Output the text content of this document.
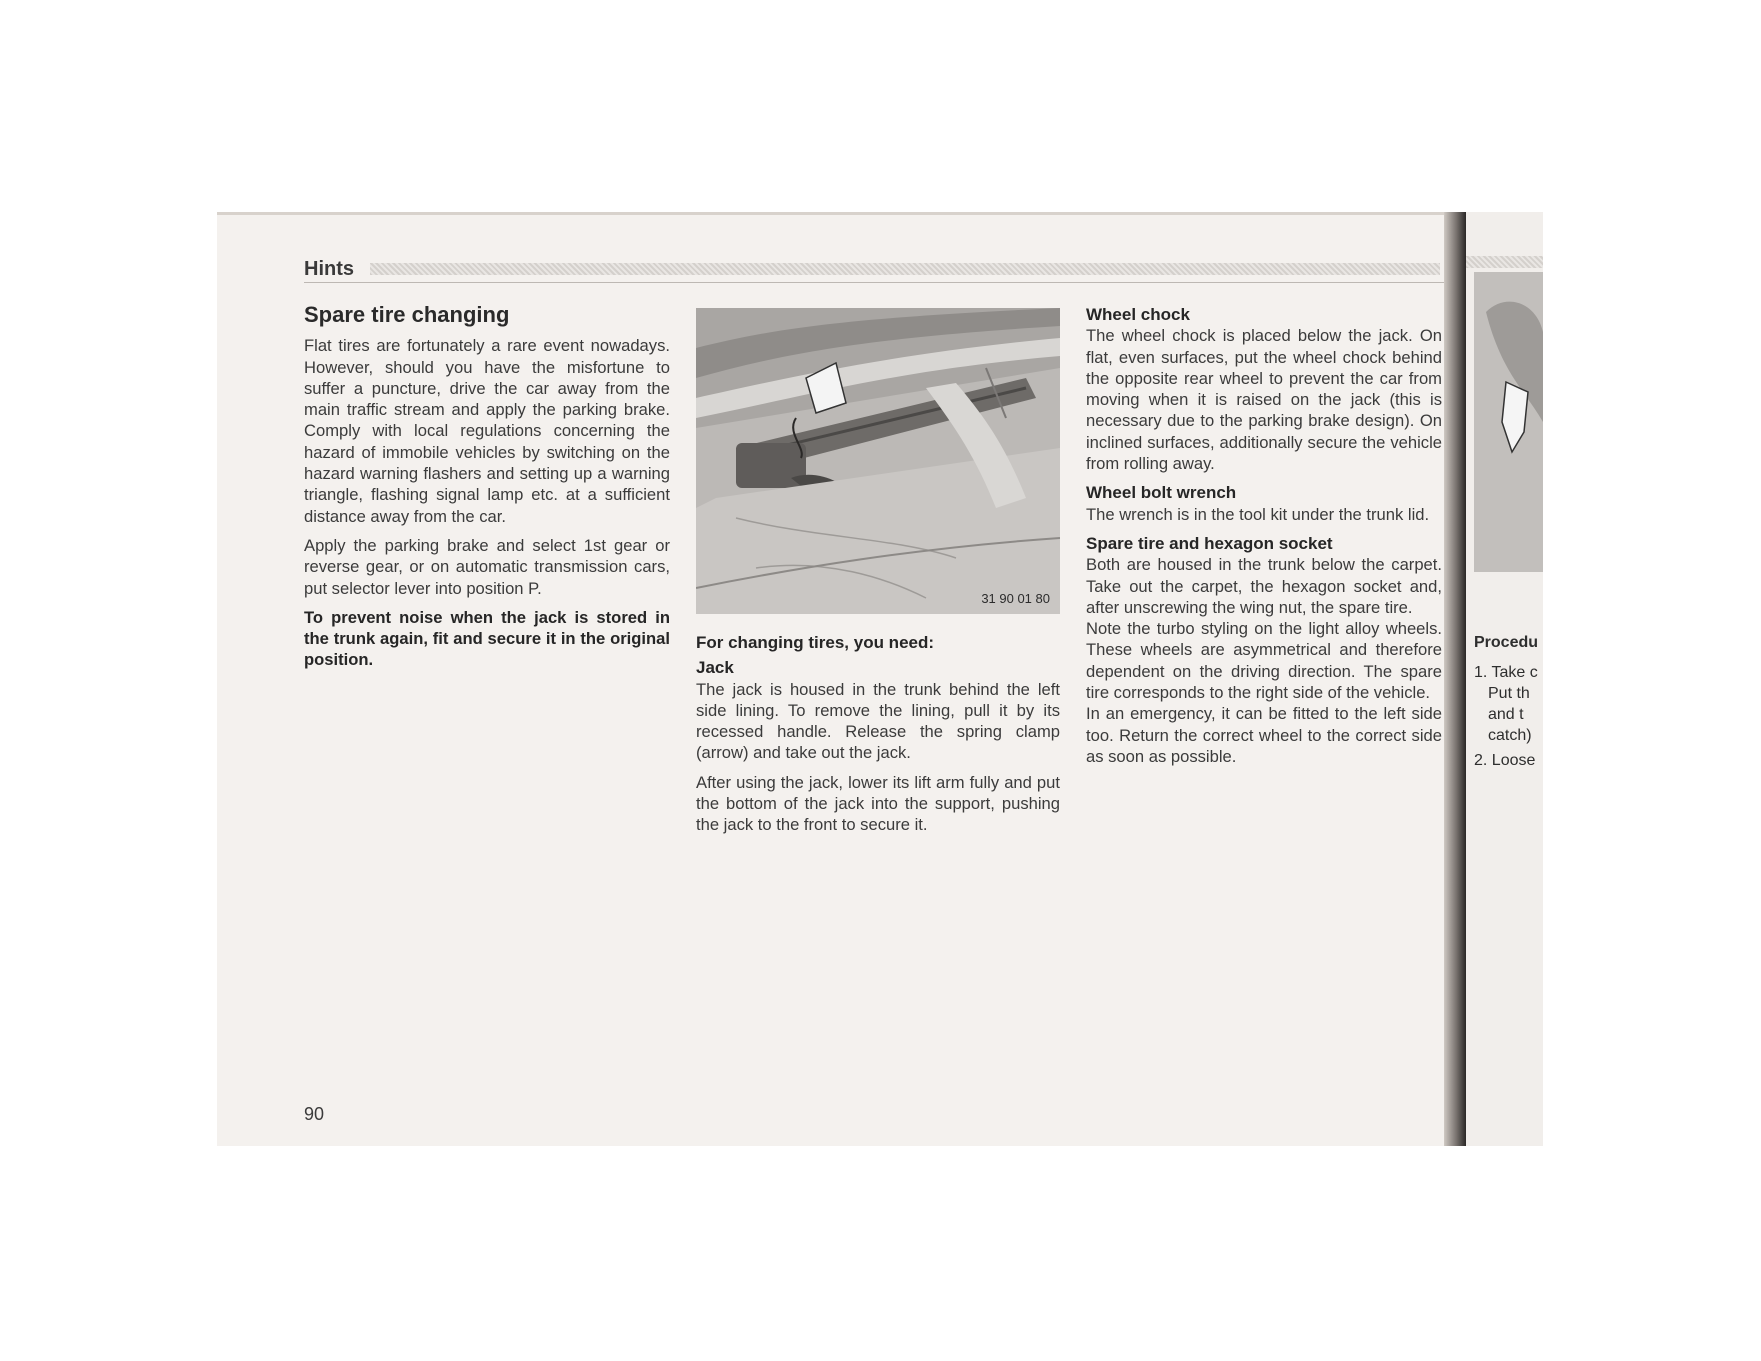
Hints
Spare tire changing

Flat tires are fortunately a rare event nowadays. However, should you have the misfortune to suffer a puncture, drive the car away from the main traffic stream and apply the parking brake. Comply with local regulations concerning the hazard of immobile vehicles by switching on the hazard warning flashers and setting up a warning triangle, flashing signal lamp etc. at a sufficient distance away from the car.

Apply the parking brake and select 1st gear or reverse gear, or on automatic transmission cars, put selector lever into position P.

To prevent noise when the jack is stored in the trunk again, fit and secure it in the original position.

31 90 01 80
For changing tires, you need:
Jack

The jack is housed in the trunk behind the left side lining. To remove the lining, pull it by its recessed handle. Release the spring clamp (arrow) and take out the jack.

After using the jack, lower its lift arm fully and put the bottom of the jack into the support, pushing the jack to the front to secure it.

Wheel chock

The wheel chock is placed below the jack. On flat, even surfaces, put the wheel chock behind the opposite rear wheel to prevent the car from moving when it is raised on the jack (this is necessary due to the parking brake design). On inclined surfaces, additionally secure the vehicle from rolling away.

Wheel bolt wrench

The wrench is in the tool kit under the trunk lid.

Spare tire and hexagon socket

Both are housed in the trunk below the carpet. Take out the carpet, the hexagon socket and, after unscrewing the wing nut, the spare tire.

Note the turbo styling on the light alloy wheels. These wheels are asymmetrical and therefore dependent on the driving direction. The spare tire corresponds to the right side of the vehicle.

In an emergency, it can be fitted to the left side too. Return the correct wheel to the correct side as soon as possible.

90
Procedu
1. Take c
Put th
and t
catch)
2. Loose
